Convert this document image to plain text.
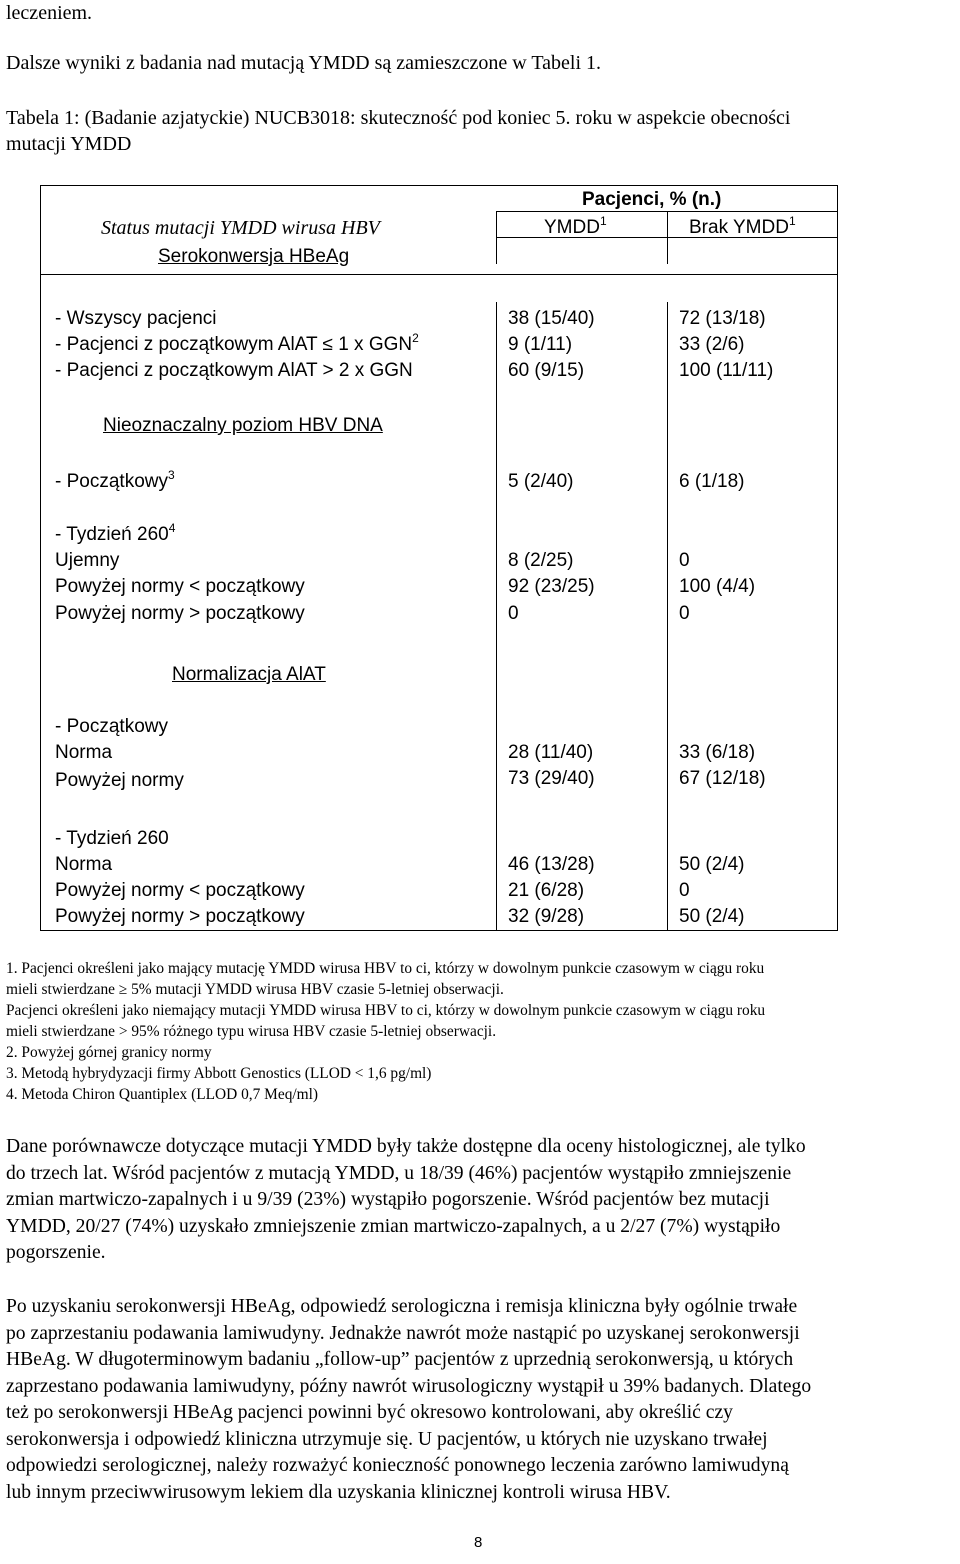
leczeniem.

Dalsze wyniki z badania nad mutacją YMDD są zamieszczone w Tabeli 1.

Tabela 1: (Badanie azjatyckie) NUCB3018: skuteczność pod koniec 5. roku w aspekcie obecności

mutacji YMDD

Pacjenci, % (n.)
Status mutacji YMDD wirusa HBV	YMDD$^1$	Brak YMDD$^1$
Serokonwersja HBeAg
- Wszyscy pacjenci	38 (15/40)	72 (13/18)
- Pacjenci z początkowym AlAT ≤ 1 x GGN$^2$	9 (1/11)	33 (2/6)
- Pacjenci z początkowym AlAT > 2 x GGN	60 (9/15)	100 (11/11)
Nieoznaczalny poziom HBV DNA
- Początkowy$^3$	5 (2/40)	6 (1/18)
- Tydzień $260^4$
Ujemny	8 (2/25)	0
Powyżej normy < początkowy	92 (23/25)	100 (4/4)
Powyżej normy > początkowy	0	0
Normalizacja AlAT
- Początkowy
Norma	28 (11/40)	33 (6/18)
Powyżej normy	73 (29/40)	67 (12/18)
- Tydzień 260
Norma	46 (13/28)	50 (2/4)
Powyżej normy < początkowy	21 (6/28)	0
Powyżej normy > początkowy	32 (9/28)	50 (2/4)
1. Pacjenci określeni jako mający mutację YMDD wirusa HBV to ci, którzy w dowolnym punkcie czasowym w ciągu roku
mieli stwierdzane ≥ 5% mutacji YMDD wirusa HBV czasie 5-letniej obserwacji.
Pacjenci określeni jako niemający mutacji YMDD wirusa HBV to ci, którzy w dowolnym punkcie czasowym w ciągu roku
mieli stwierdzane > 95% różnego typu wirusa HBV czasie 5-letniej obserwacji.
2. Powyżej górnej granicy normy
3. Metodą hybrydyzacji firmy Abbott Genostics (LLOD < 1,6 pg/ml)
4. Metoda Chiron Quantiplex (LLOD 0,7 Meq/ml)
Dane porównawcze dotyczące mutacji YMDD były także dostępne dla oceny histologicznej, ale tylko
do trzech lat. Wśród pacjentów z mutacją YMDD, u 18/39 (46%) pacjentów wystąpiło zmniejszenie
zmian martwiczo-zapalnych i u 9/39 (23%) wystąpiło pogorszenie. Wśród pacjentów bez mutacji
YMDD, 20/27 (74%) uzyskało zmniejszenie zmian martwiczo-zapalnych, a u 2/27 (7%) wystąpiło
pogorszenie.
Po uzyskaniu serokonwersji HBeAg, odpowiedź serologiczna i remisja kliniczna były ogólnie trwałe
po zaprzestaniu podawania lamiwudyny. Jednakże nawrót może nastąpić po uzyskanej serokonwersji
HBeAg. W długoterminowym badaniu „follow-up” pacjentów z uprzednią serokonwersją, u których
zaprzestano podawania lamiwudyny, późny nawrót wirusologiczny wystąpił u 39% badanych. Dlatego
też po serokonwersji HBeAg pacjenci powinni być okresowo kontrolowani, aby określić czy
serokonwersja i odpowiedź kliniczna utrzymuje się. U pacjentów, u których nie uzyskano trwałej
odpowiedzi serologicznej, należy rozważyć konieczność ponownego leczenia zarówno lamiwudyną
lub innym przeciwwirusowym lekiem dla uzyskania klinicznej kontroli wirusa HBV.
8
